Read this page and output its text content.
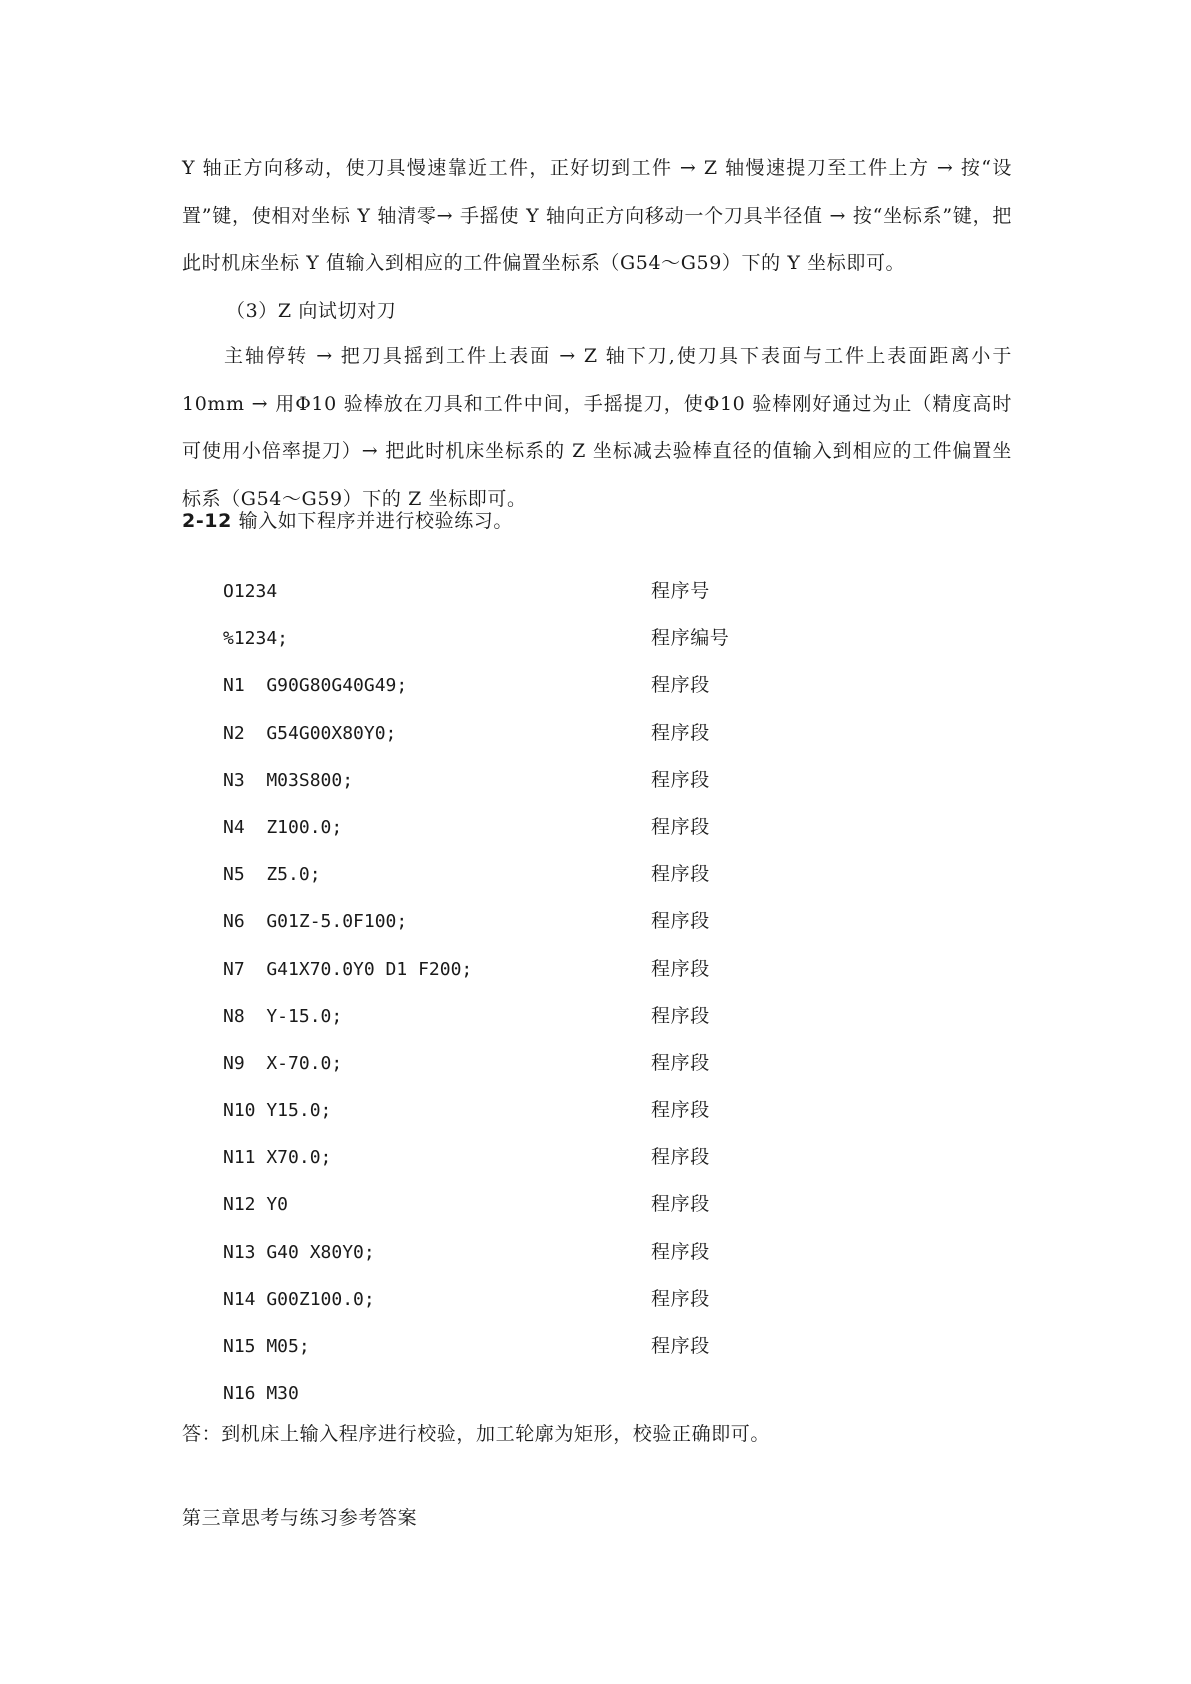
Y 轴正方向移动，使刀具慢速靠近工件，正好切到工件 → Z 轴慢速提刀至工件上方 → 按“设置”键，使相对坐标 Y 轴清零→ 手摇使 Y 轴向正方向移动一个刀具半径值 → 按“坐标系”键，把此时机床坐标 Y 值输入到相应的工件偏置坐标系（G54～G59）下的 Y 坐标即可。

（3）Z 向试切对刀

主轴停转 → 把刀具摇到工件上表面 → Z 轴下刀,使刀具下表面与工件上表面距离小于 10mm → 用Φ10 验棒放在刀具和工件中间，手摇提刀，使Φ10 验棒刚好通过为止（精度高时可使用小倍率提刀）→ 把此时机床坐标系的 Z 坐标减去验棒直径的值输入到相应的工件偏置坐标系（G54～G59）下的 Z 坐标即可。

2-12 输入如下程序并进行校验练习。

O1234	程序号
%1234;	程序编号
N1  G90G80G40G49;	程序段
N2  G54G00X80Y0;	程序段
N3  M03S800;	程序段
N4  Z100.0;	程序段
N5  Z5.0;	程序段
N6  G01Z-5.0F100;	程序段
N7  G41X70.0Y0 D1 F200;	程序段
N8  Y-15.0;	程序段
N9  X-70.0;	程序段
N10 Y15.0;	程序段
N11 X70.0;	程序段
N12 Y0	程序段
N13 G40 X80Y0;	程序段
N14 G00Z100.0;	程序段
N15 M05;	程序段
N16 M30
答：到机床上输入程序进行校验，加工轮廓为矩形，校验正确即可。
第三章思考与练习参考答案
